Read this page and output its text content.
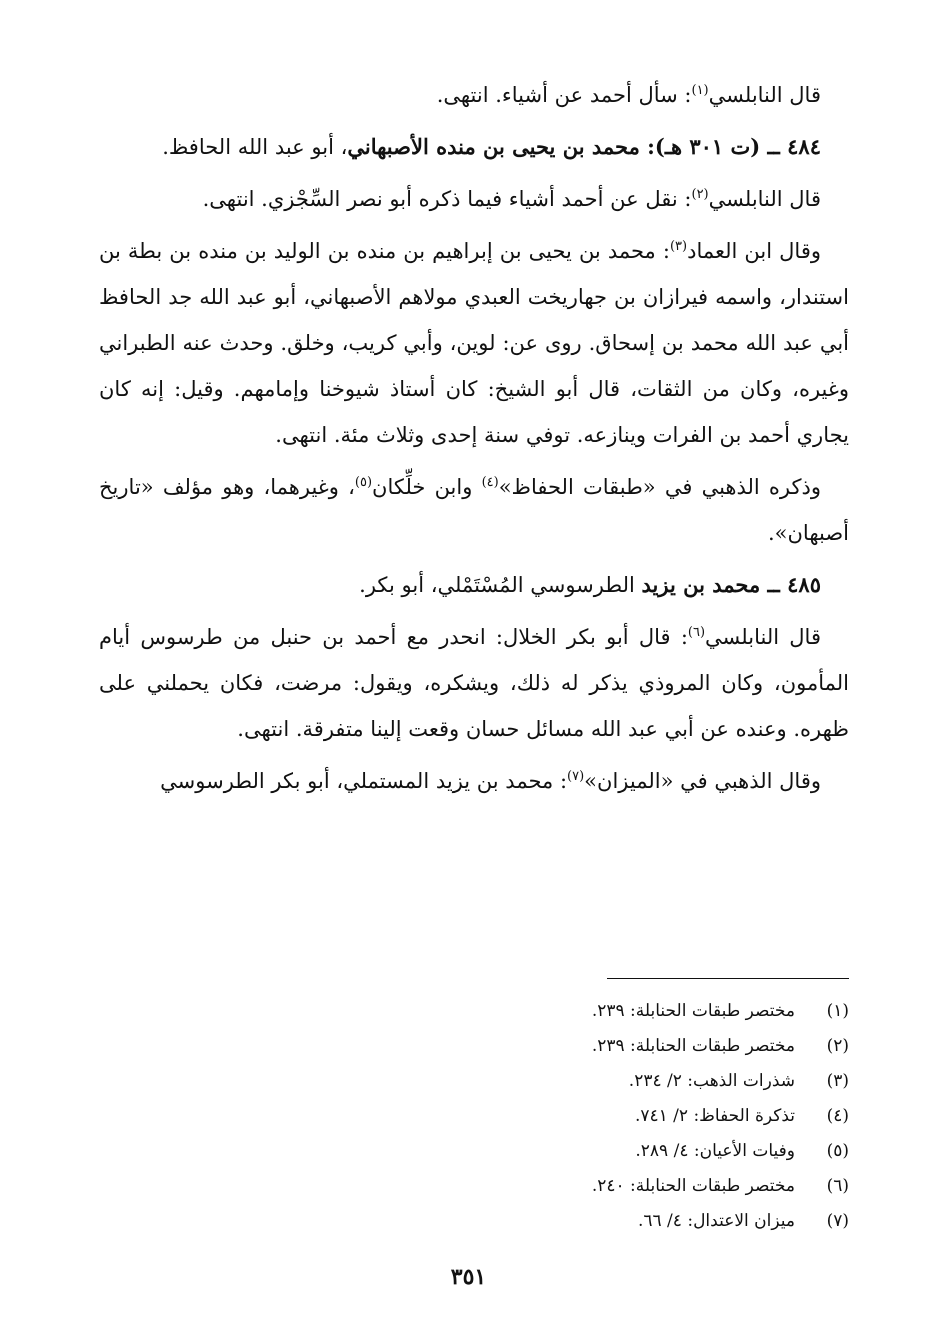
قال النابلسي$^{(١)}$: سأل أحمد عن أشياء. انتهى.

٤٨٤ ــ (ت ٣٠١ هـ): محمد بن يحيى بن منده الأصبهاني، أبو عبد الله الحافظ.

قال النابلسي$^{(٢)}$: نقل عن أحمد أشياء فيما ذكره أبو نصر السِّجْزي. انتهى.

وقال ابن العماد$^{(٣)}$: محمد بن يحيى بن إبراهيم بن منده بن الوليد بن منده بن بطة بن استندار، واسمه فيرازان بن جهاريخت العبدي مولاهم الأصبهاني، أبو عبد الله جد الحافظ أبي عبد الله محمد بن إسحاق. روى عن: لوين، وأبي كريب، وخلق. وحدث عنه الطبراني وغيره، وكان من الثقات، قال أبو الشيخ: كان أستاذ شيوخنا وإمامهم. وقيل: إنه كان يجاري أحمد بن الفرات وينازعه. توفي سنة إحدى وثلاث مئة. انتهى.

وذكره الذهبي في «طبقات الحفاظ»$^{(٤)}$ وابن خلِّكان$^{(٥)}$، وغيرهما، وهو مؤلف «تاريخ أصبهان».

٤٨٥ ــ محمد بن يزيد الطرسوسي المُسْتَمْلي، أبو بكر.

قال النابلسي$^{(٦)}$: قال أبو بكر الخلال: انحدر مع أحمد بن حنبل من طرسوس أيام المأمون، وكان المروذي يذكر له ذلك، ويشكره، ويقول: مرضت، فكان يحملني على ظهره. وعنده عن أبي عبد الله مسائل حسان وقعت إلينا متفرقة. انتهى.

وقال الذهبي في «الميزان»$^{(٧)}$: محمد بن يزيد المستملي، أبو بكر الطرسوسي

(١)
مختصر طبقات الحنابلة: ٢٣٩.
(٢)
مختصر طبقات الحنابلة: ٢٣٩.
(٣)
شذرات الذهب: ٢/ ٢٣٤.
(٤)
تذكرة الحفاظ: ٢/ ٧٤١.
(٥)
وفيات الأعيان: ٤/ ٢٨٩.
(٦)
مختصر طبقات الحنابلة: ٢٤٠.
(٧)
ميزان الاعتدال: ٤/ ٦٦.
٣٥١
